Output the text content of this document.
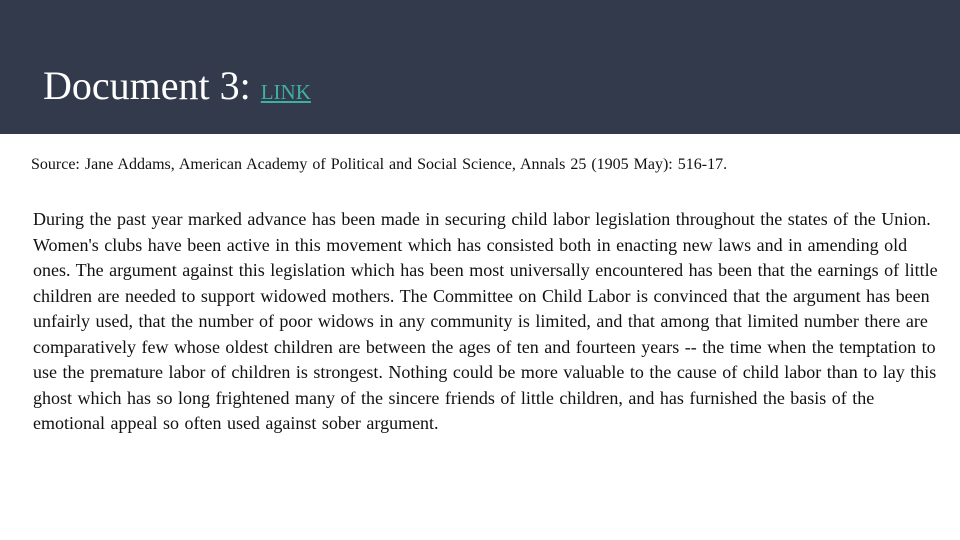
Document 3: LINK
Source: Jane Addams, American Academy of Political and Social Science, Annals 25 (1905 May): 516-17.

During the past year marked advance has been made in securing child labor legislation throughout the states of the Union. Women's clubs have been active in this movement which has consisted both in enacting new laws and in amending old ones. The argument against this legislation which has been most universally encountered has been that the earnings of little children are needed to support widowed mothers. The Committee on Child Labor is convinced that the argument has been unfairly used, that the number of poor widows in any community is limited, and that among that limited number there are comparatively few whose oldest children are between the ages of ten and fourteen years -- the time when the temptation to use the premature labor of children is strongest. Nothing could be more valuable to the cause of child labor than to lay this ghost which has so long frightened many of the sincere friends of little children, and has furnished the basis of the emotional appeal so often used against sober argument.
